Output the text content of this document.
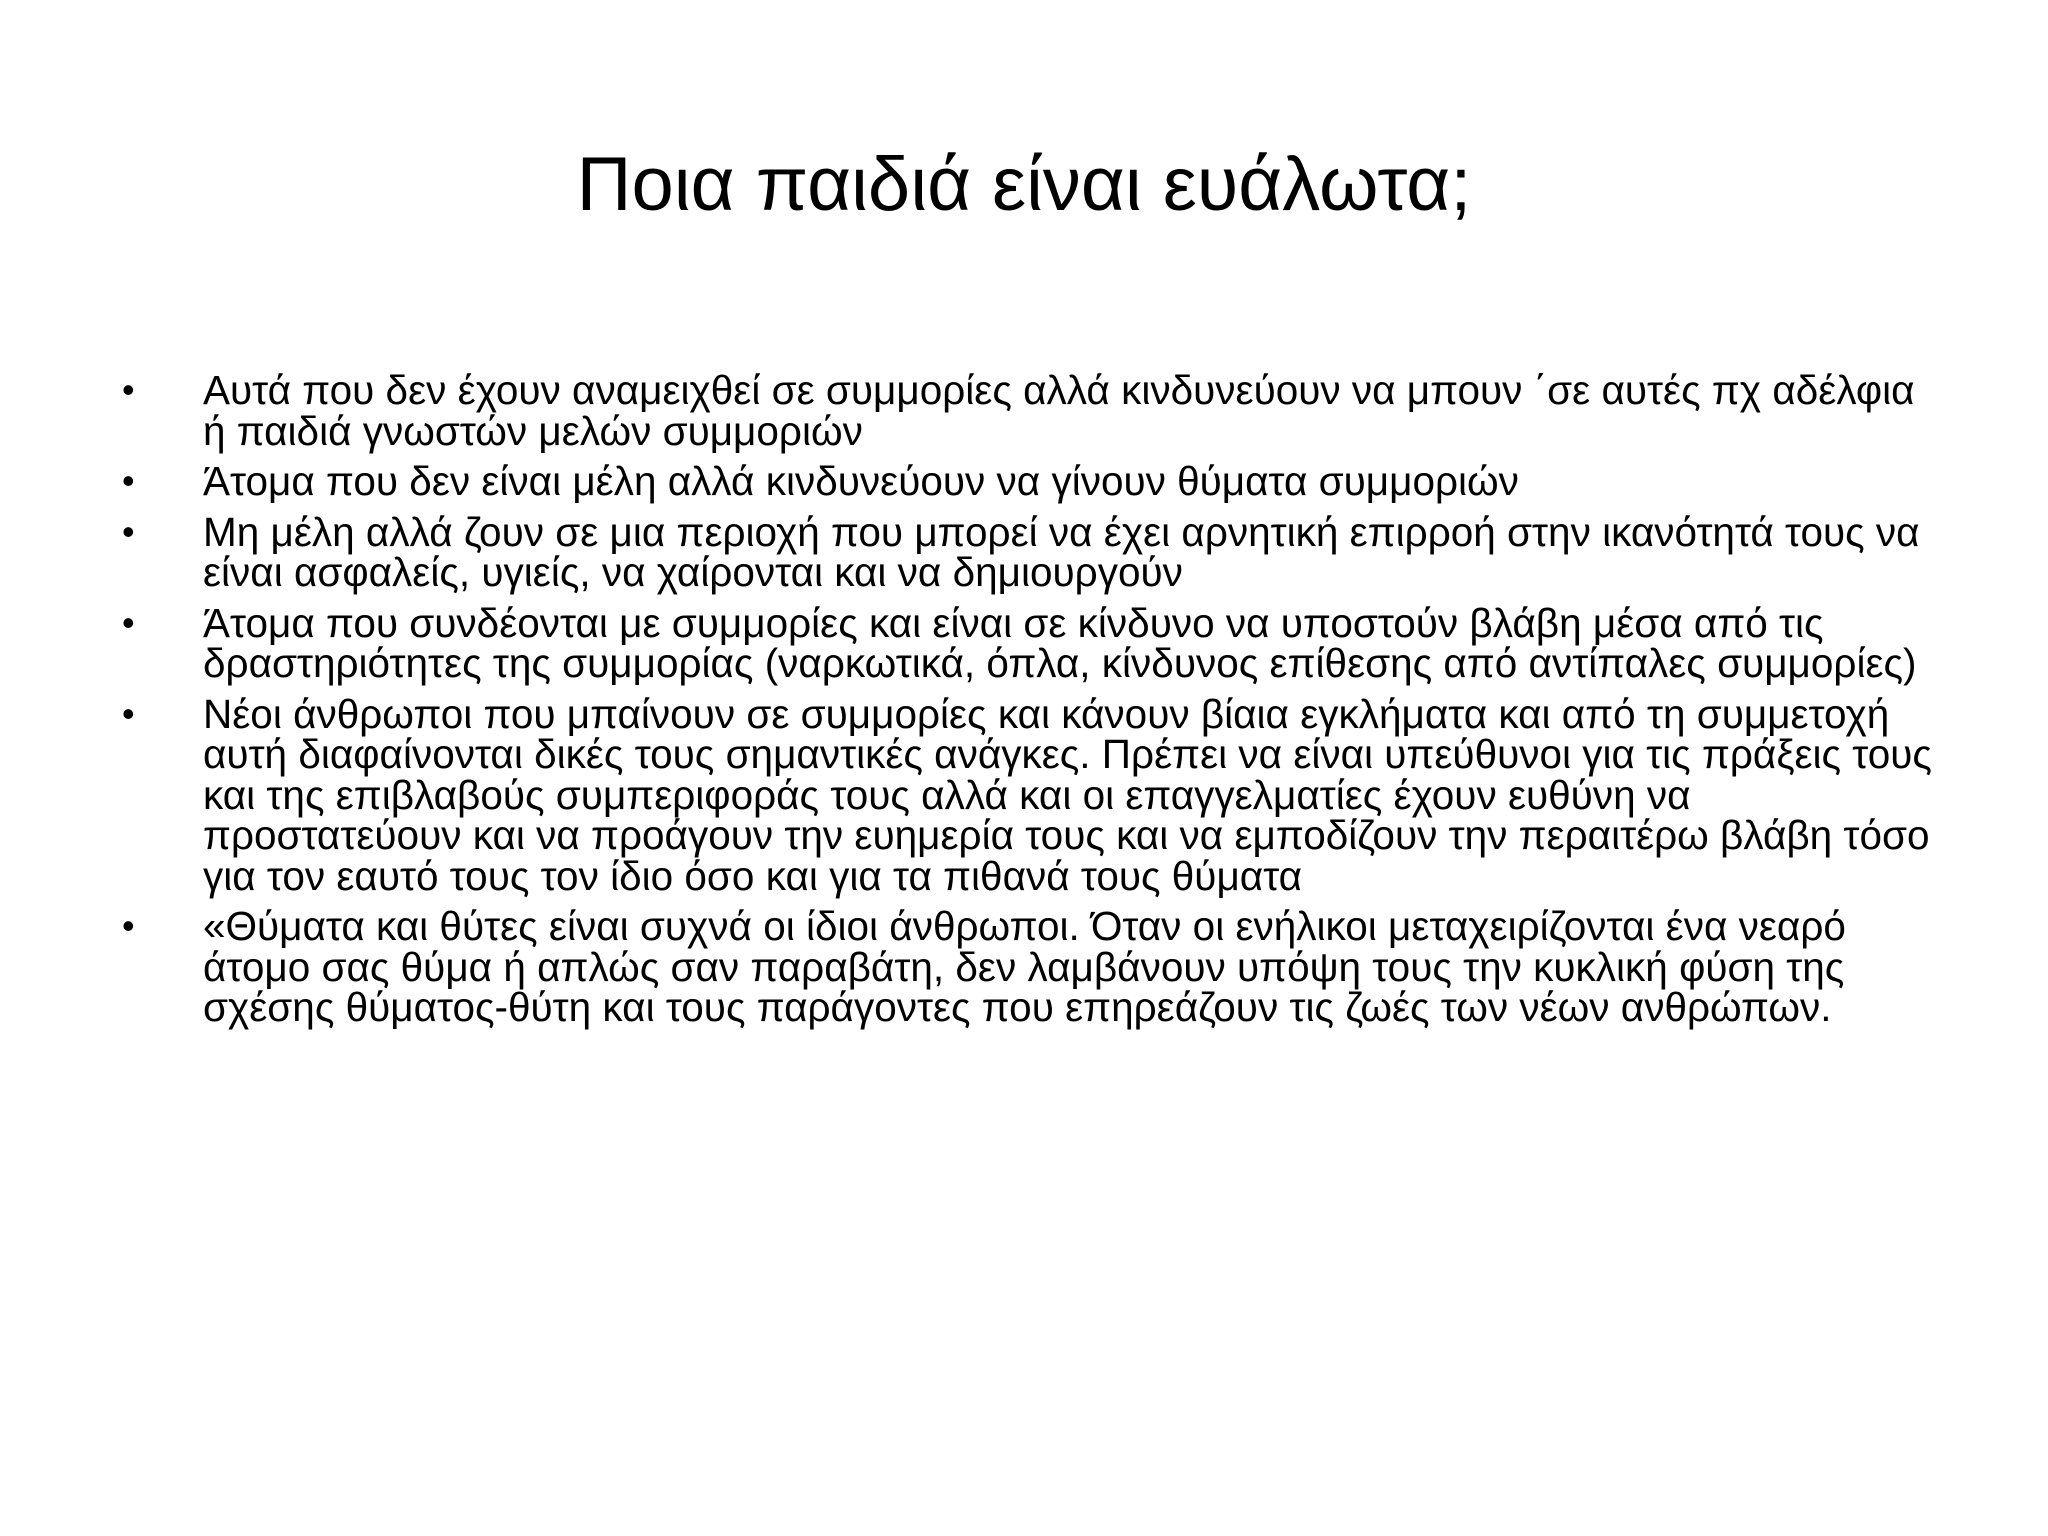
Ποια παιδιά είναι ευάλωτα;
•	Αυτά που δεν έχουν αναμειχθεί σε συμμορίες αλλά κινδυνεύουν να μπουν ΄σε αυτές πχ αδέλφια ή παιδιά γνωστών μελών συμμοριών
•	Άτομα που δεν είναι μέλη αλλά κινδυνεύουν να γίνουν θύματα συμμοριών
•	Μη μέλη αλλά ζουν σε μια περιοχή που μπορεί να έχει αρνητική επιρροή στην ικανότητά τους να είναι ασφαλείς, υγιείς, να χαίρονται και να δημιουργούν
•	Άτομα που συνδέονται με συμμορίες και είναι σε κίνδυνο να υποστούν βλάβη μέσα από τις δραστηριότητες της συμμορίας (ναρκωτικά, όπλα, κίνδυνος επίθεσης από αντίπαλες συμμορίες)
•	Νέοι άνθρωποι που μπαίνουν σε συμμορίες και κάνουν βίαια εγκλήματα και από τη συμμετοχή αυτή διαφαίνονται δικές τους σημαντικές ανάγκες. Πρέπει να είναι υπεύθυνοι για τις πράξεις τους και της επιβλαβούς συμπεριφοράς τους αλλά και οι επαγγελματίες έχουν ευθύνη να προστατεύουν και να προάγουν την ευημερία τους και να εμποδίζουν την περαιτέρω βλάβη τόσο για τον εαυτό τους τον ίδιο όσο και για τα πιθανά τους θύματα
•	«Θύματα και θύτες είναι συχνά οι ίδιοι άνθρωποι. Όταν οι ενήλικοι μεταχειρίζονται ένα νεαρό άτομο σας θύμα ή απλώς σαν παραβάτη, δεν λαμβάνουν υπόψη τους την κυκλική φύση της σχέσης θύματος-θύτη και τους παράγοντες που επηρεάζουν τις ζωές των νέων ανθρώπων.
